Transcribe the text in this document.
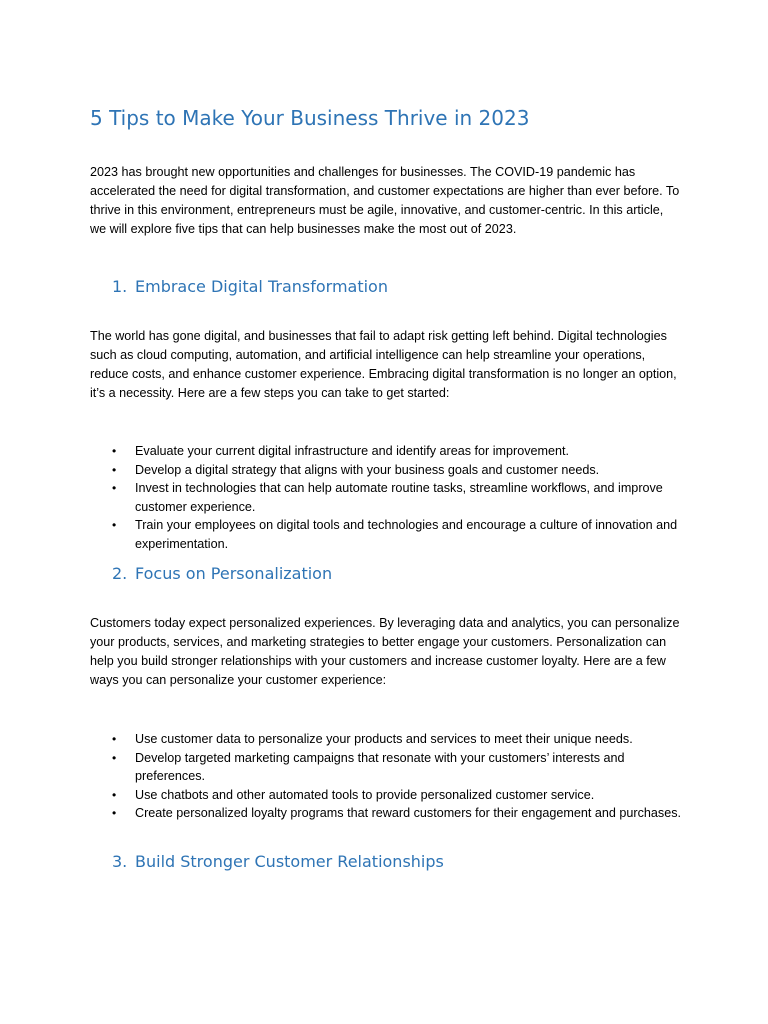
5 Tips to Make Your Business Thrive in 2023

2023 has brought new opportunities and challenges for businesses. The COVID-19 pandemic has accelerated the need for digital transformation, and customer expectations are higher than ever before. To thrive in this environment, entrepreneurs must be agile, innovative, and customer-centric. In this article, we will explore five tips that can help businesses make the most out of 2023.

1. Embrace Digital Transformation

The world has gone digital, and businesses that fail to adapt risk getting left behind. Digital technologies such as cloud computing, automation, and artificial intelligence can help streamline your operations, reduce costs, and enhance customer experience. Embracing digital transformation is no longer an option, it’s a necessity. Here are a few steps you can take to get started:

• Evaluate your current digital infrastructure and identify areas for improvement.
• Develop a digital strategy that aligns with your business goals and customer needs.
• Invest in technologies that can help automate routine tasks, streamline workflows, and improve customer experience.
• Train your employees on digital tools and technologies and encourage a culture of innovation and experimentation.
2. Focus on Personalization

Customers today expect personalized experiences. By leveraging data and analytics, you can personalize your products, services, and marketing strategies to better engage your customers. Personalization can help you build stronger relationships with your customers and increase customer loyalty. Here are a few ways you can personalize your customer experience:

• Use customer data to personalize your products and services to meet their unique needs.
• Develop targeted marketing campaigns that resonate with your customers’ interests and preferences.
• Use chatbots and other automated tools to provide personalized customer service.
• Create personalized loyalty programs that reward customers for their engagement and purchases.
3. Build Stronger Customer Relationships
